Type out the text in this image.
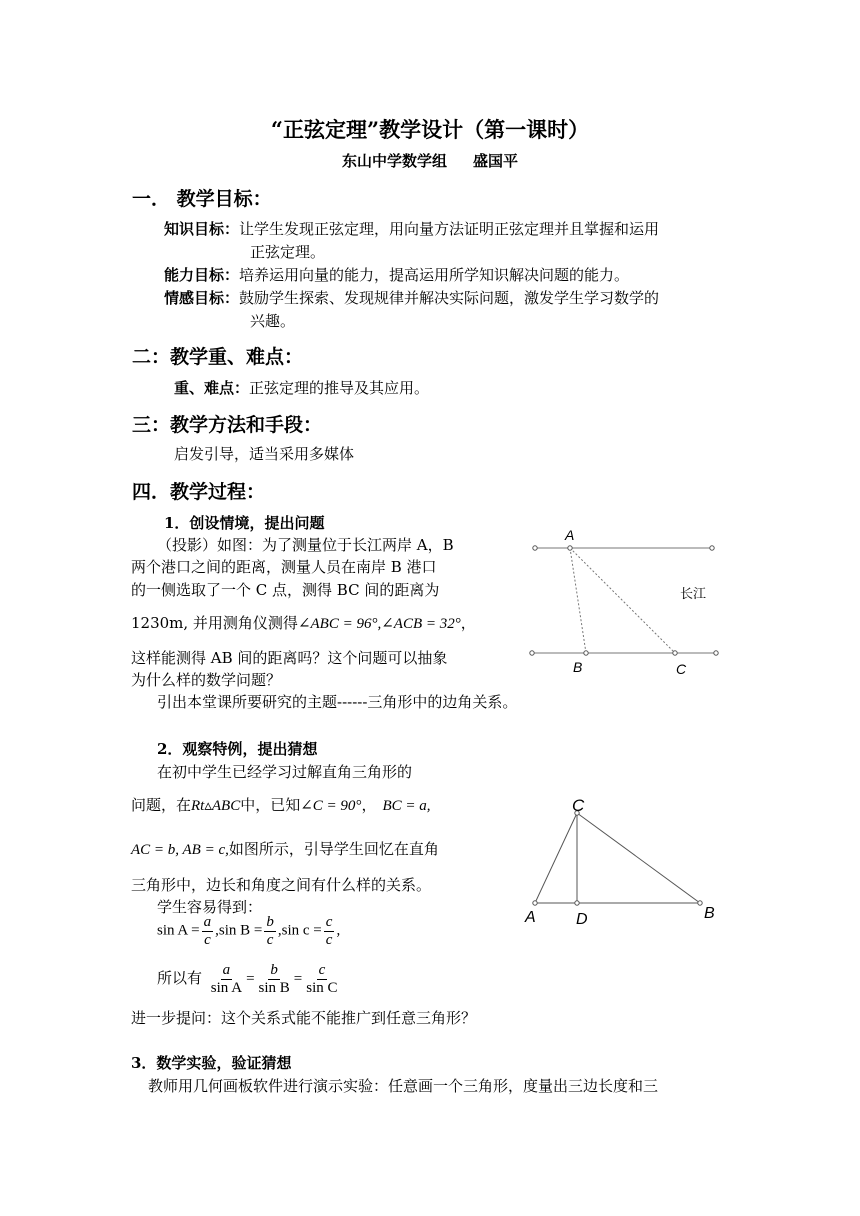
“正弦定理”教学设计（第一课时）
东山中学数学组 盛国平
一． 教学目标：
知识目标：让学生发现正弦定理，用向量方法证明正弦定理并且掌握和运用
正弦定理。
能力目标：培养运用向量的能力，提高运用所学知识解决问题的能力。
情感目标：鼓励学生探索、发现规律并解决实际问题，激发学生学习数学的
兴趣。
二：教学重、难点：
重、难点：正弦定理的推导及其应用。
三：教学方法和手段：
启发引导，适当采用多媒体
四．教学过程：
1．创设情境，提出问题
（投影）如图：为了测量位于长江两岸 A，B
两个港口之间的距离，测量人员在南岸 B 港口
的一侧选取了一个 C 点，测得 BC 间的距离为
1230m, 并用测角仪测得∠ABC = 96°,∠ACB = 32°，
这样能测得 AB 间的距离吗？这个问题可以抽象
为什么样的数学问题？
引出本堂课所要研究的主题------三角形中的边角关系。
A
B	C
长江
2．观察特例，提出猜想
在初中学生已经学习过解直角三角形的
问题，在Rt▵ABC中，已知∠C = 90°， BC = a,
AC = b, AB = c,如图所示，引导学生回忆在直角
三角形中，边长和角度之间有什么样的关系。
学生容易得到：
$\sin A = \frac{a}{c} ,\sin$ $B = \frac{b}{c} ,\sin$ $c = \frac{c}{c}$ ,
所以有 $\frac{a}{\text{sin A}} = \frac{b}{\text{sin B}} = \frac{c}{\text{sin C}}$
进一步提问：这个关系式能不能推广到任意三角形？
C
A	D	B
3．数学实验，验证猜想
教师用几何画板软件进行演示实验：任意画一个三角形，度量出三边长度和三
